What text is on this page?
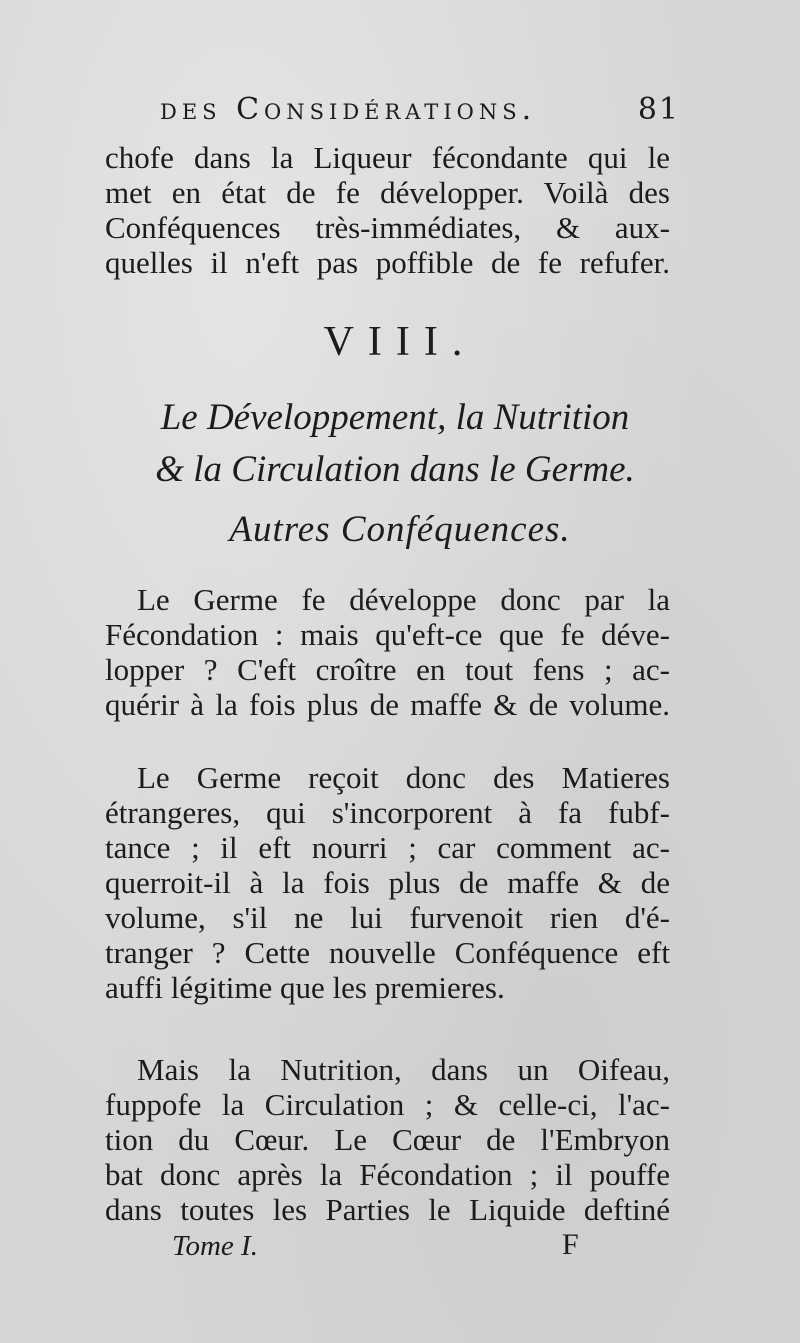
des Considérations.	81
chofe dans la Liqueur fécondante qui le
met en état de fe développer. Voilà des
Conféquences très-immédiates, & aux-
quelles il n'eft pas poffible de fe refufer.
VIII.
Le Développement, la Nutrition
& la Circulation dans le Germe.
Autres Conféquences.
Le Germe fe développe donc par la
Fécondation : mais qu'eft-ce que fe déve-
lopper ? C'eft croître en tout fens ; ac-
quérir à la fois plus de maffe & de volume.
Le Germe reçoit donc des Matieres
étrangeres, qui s'incorporent à fa fubf-
tance ; il eft nourri ; car comment ac-
querroit-il à la fois plus de maffe & de
volume, s'il ne lui furvenoit rien d'é-
tranger ? Cette nouvelle Conféquence eft
auffi légitime que les premieres.
Mais la Nutrition, dans un Oifeau,
fuppofe la Circulation ; & celle-ci, l'ac-
tion du Cœur. Le Cœur de l'Embryon
bat donc après la Fécondation ; il pouffe
dans toutes les Parties le Liquide deftiné
Tome I.	F
